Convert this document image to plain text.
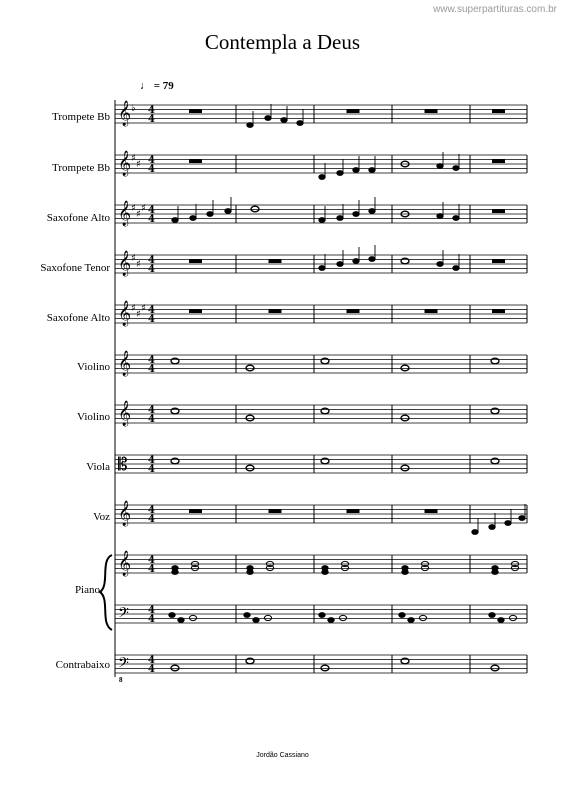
www.superpartituras.com.br
Contempla a Deus
♩ = 79
Trompete Bb
Trompete Bb
Saxofone Alto
Saxofone Tenor
Saxofone Alto
Violino
Violino
Viola
Voz
Piano
Contrabaixo
8
𝄞 ♭ 4
4
𝄞 ♯
♯ 4
4
𝄞 ♯
♯
♯ 4
4
𝄞 ♯
♯ 4
4
𝄞 ♯
♯
♯ 4
4
𝄞 4
4
𝄞 4
4
𝄡 4
4
𝄞 4
4
𝄞 4
4
𝄢 4
4
𝄢 4
4
Jordão Cassiano
